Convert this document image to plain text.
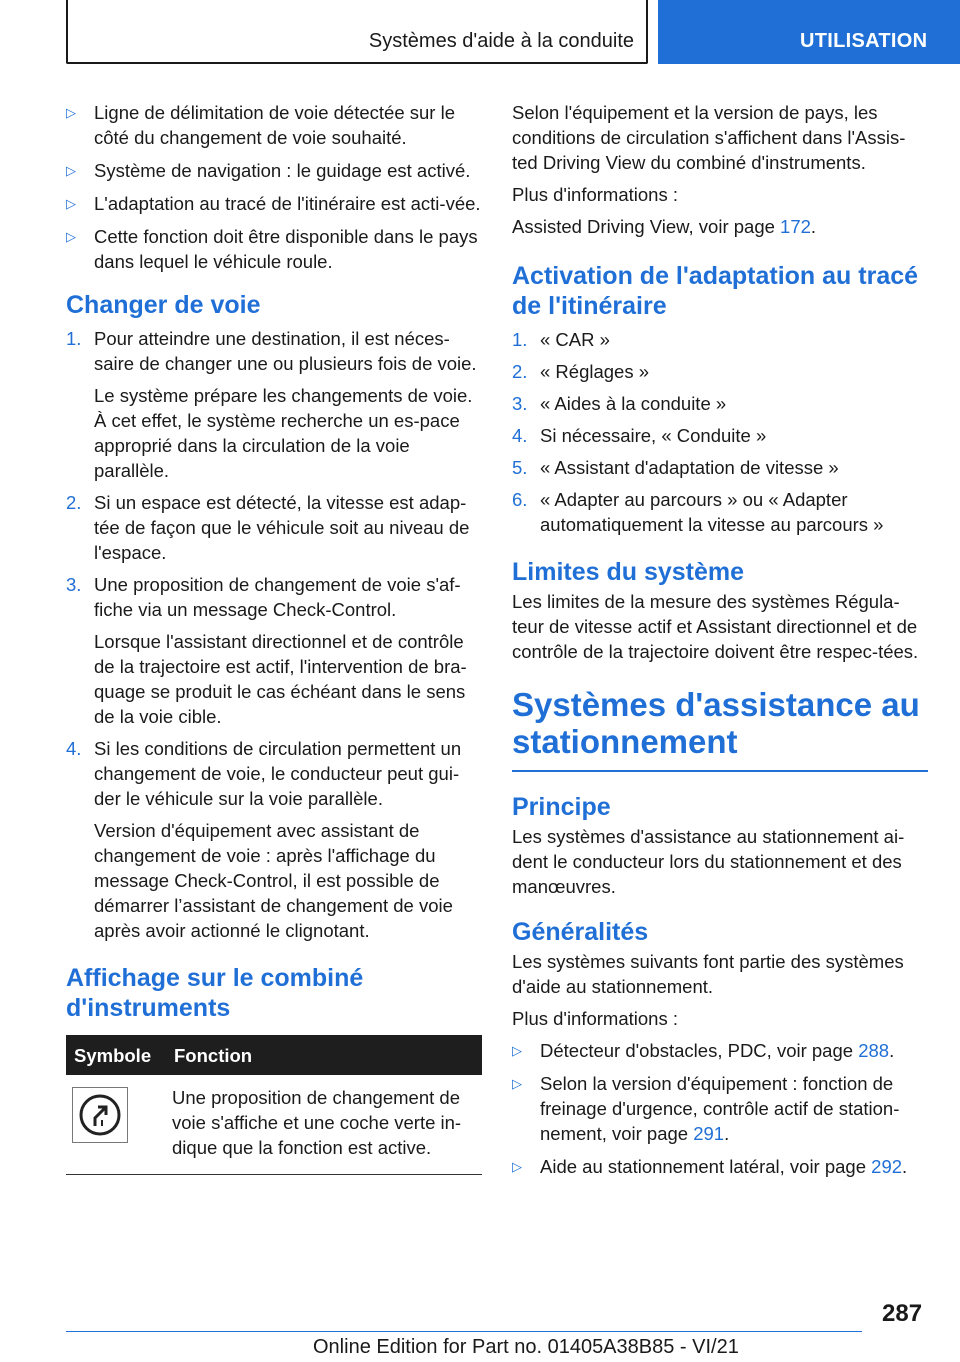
Systèmes d'aide à la conduite	UTILISATION
▷ Ligne de délimitation de voie détectée sur le côté du changement de voie souhaité.
▷ Système de navigation : le guidage est activé.
▷ L'adaptation au tracé de l'itinéraire est acti-vée.
▷ Cette fonction doit être disponible dans le pays dans lequel le véhicule roule.
Changer de voie
1. Pour atteindre une destination, il est néces-saire de changer une ou plusieurs fois de voie.
Le système prépare les changements de voie. À cet effet, le système recherche un es-pace approprié dans la circulation de la voie parallèle.
2. Si un espace est détecté, la vitesse est adap-tée de façon que le véhicule soit au niveau de l'espace.
3. Une proposition de changement de voie s'af-fiche via un message Check-Control.
Lorsque l'assistant directionnel et de contrôle de la trajectoire est actif, l'intervention de bra-quage se produit le cas échéant dans le sens de la voie cible.
4. Si les conditions de circulation permettent un changement de voie, le conducteur peut gui-der le véhicule sur la voie parallèle.
Version d'équipement avec assistant de changement de voie : après l'affichage du message Check-Control, il est possible de démarrer l’assistant de changement de voie après avoir actionné le clignotant.
Affichage sur le combiné d'instruments
Symbole	Fonction

	Une proposition de changement de voie s'affiche et une coche verte in-dique que la fonction est active.

Selon l'équipement et la version de pays, les conditions de circulation s'affichent dans l'Assis-ted Driving View du combiné d'instruments.

Plus d'informations :

Assisted Driving View, voir page 172.

Activation de l'adaptation au tracé de l'itinéraire
1. « CAR »
2. « Réglages »
3. « Aides à la conduite »
4. Si nécessaire, « Conduite »
5. « Assistant d'adaptation de vitesse »
6. « Adapter au parcours » ou « Adapter automatiquement la vitesse au parcours »
Limites du système

Les limites de la mesure des systèmes Régula-teur de vitesse actif et Assistant directionnel et de contrôle de la trajectoire doivent être respec-tées.

Systèmes d'assistance au stationnement
Principe

Les systèmes d'assistance au stationnement ai-dent le conducteur lors du stationnement et des manœuvres.

Généralités

Les systèmes suivants font partie des systèmes d'aide au stationnement.

Plus d'informations :

▷ Détecteur d'obstacles, PDC, voir page 288.
▷ Selon la version d'équipement : fonction de freinage d'urgence, contrôle actif de station-nement, voir page 291.
▷ Aide au stationnement latéral, voir page 292.
287
Online Edition for Part no. 01405A38B85 - VI/21
